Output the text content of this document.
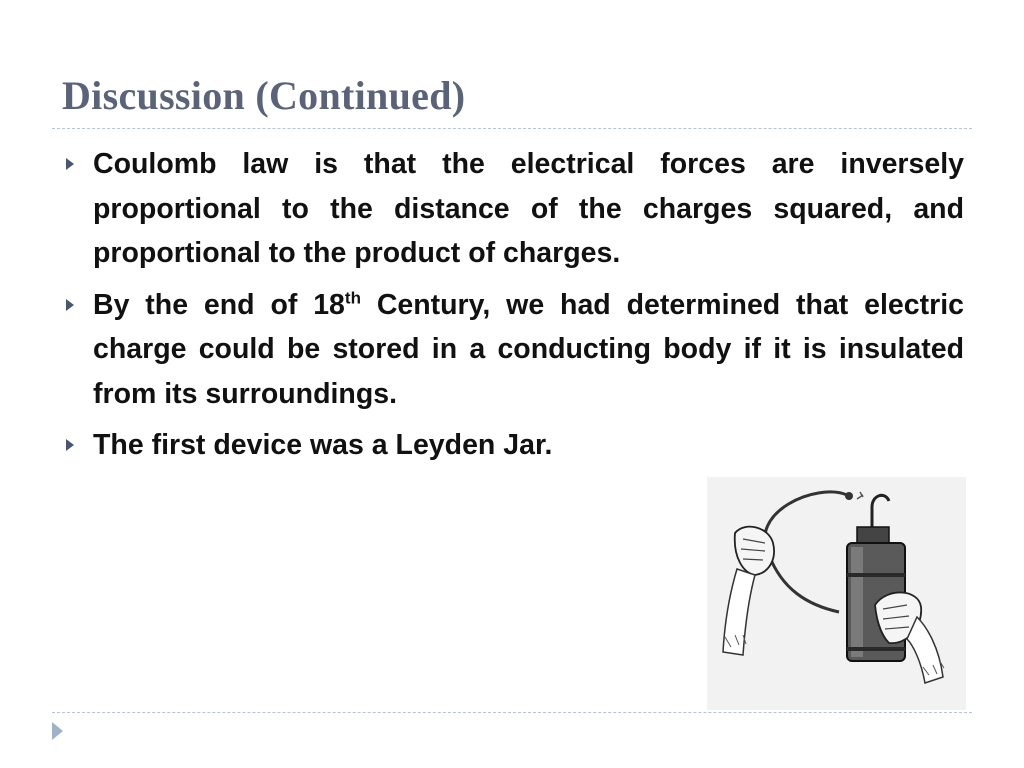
Discussion (Continued)
Coulomb law is that the electrical forces are inversely proportional to the distance of the charges squared, and proportional to the product of charges.
By the end of 18th Century, we had determined that electric charge could be stored in a conducting body if it is insulated from its surroundings.
The first device was a Leyden Jar.
